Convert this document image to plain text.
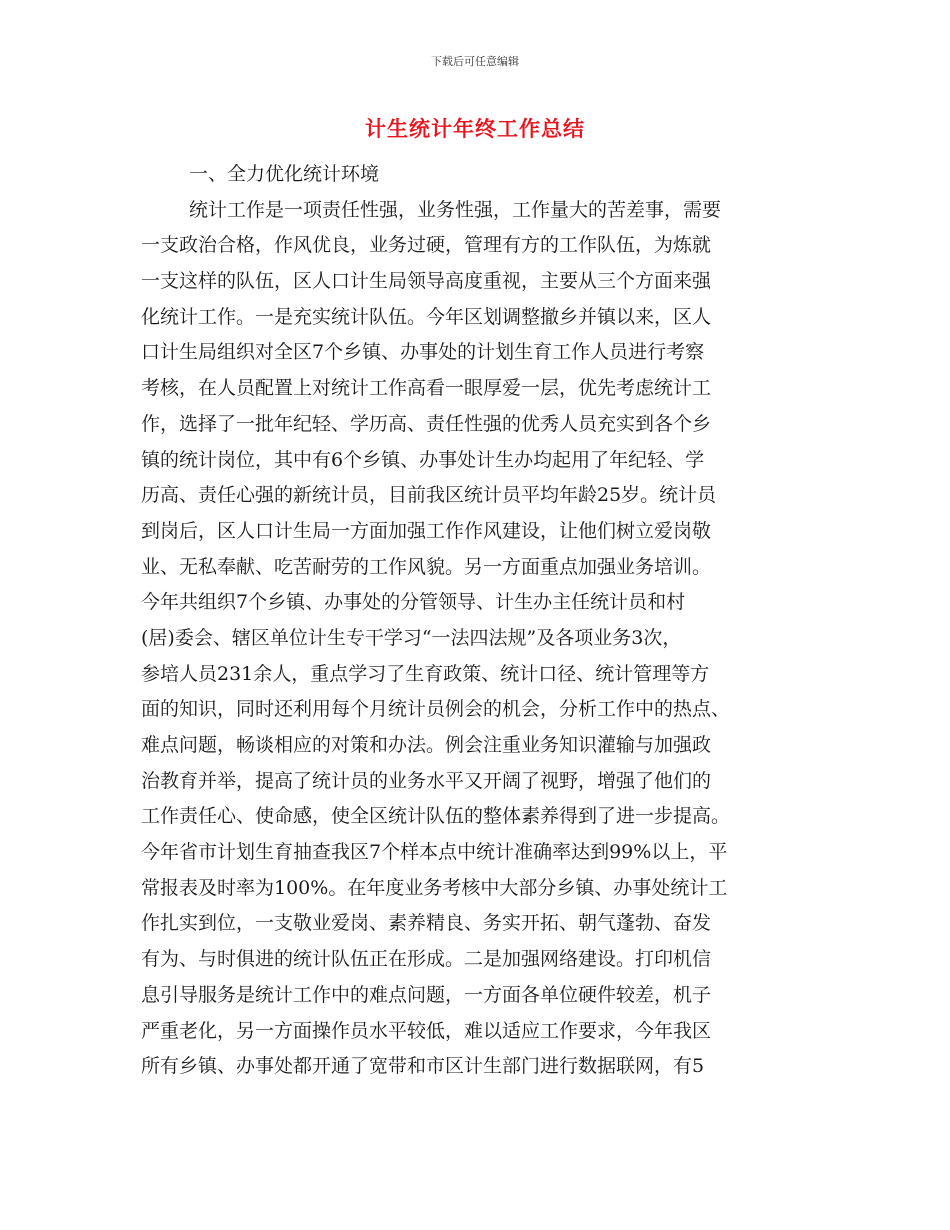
下载后可任意编辑
计生统计年终工作总结
一、全力优化统计环境
统计工作是一项责任性强，业务性强，工作量大的苦差事，需要
一支政治合格，作风优良，业务过硬，管理有方的工作队伍，为炼就
一支这样的队伍，区人口计生局领导高度重视，主要从三个方面来强
化统计工作。一是充实统计队伍。今年区划调整撤乡并镇以来，区人
口计生局组织对全区7个乡镇、办事处的计划生育工作人员进行考察
考核，在人员配置上对统计工作高看一眼厚爱一层，优先考虑统计工
作，选择了一批年纪轻、学历高、责任性强的优秀人员充实到各个乡
镇的统计岗位，其中有6个乡镇、办事处计生办均起用了年纪轻、学
历高、责任心强的新统计员，目前我区统计员平均年龄25岁。统计员
到岗后，区人口计生局一方面加强工作作风建设，让他们树立爱岗敬
业、无私奉献、吃苦耐劳的工作风貌。另一方面重点加强业务培训。
今年共组织7个乡镇、办事处的分管领导、计生办主任统计员和村
(居)委会、辖区单位计生专干学习“一法四法规”及各项业务3次，
参培人员231余人，重点学习了生育政策、统计口径、统计管理等方
面的知识，同时还利用每个月统计员例会的机会，分析工作中的热点、
难点问题，畅谈相应的对策和办法。例会注重业务知识灌输与加强政
治教育并举，提高了统计员的业务水平又开阔了视野，增强了他们的
工作责任心、使命感，使全区统计队伍的整体素养得到了进一步提高。
今年省市计划生育抽查我区7个样本点中统计准确率达到99%以上，平
常报表及时率为100%。在年度业务考核中大部分乡镇、办事处统计工
作扎实到位，一支敬业爱岗、素养精良、务实开拓、朝气蓬勃、奋发
有为、与时俱进的统计队伍正在形成。二是加强网络建设。打印机信
息引导服务是统计工作中的难点问题，一方面各单位硬件较差，机子
严重老化，另一方面操作员水平较低，难以适应工作要求，今年我区
所有乡镇、办事处都开通了宽带和市区计生部门进行数据联网，有5
